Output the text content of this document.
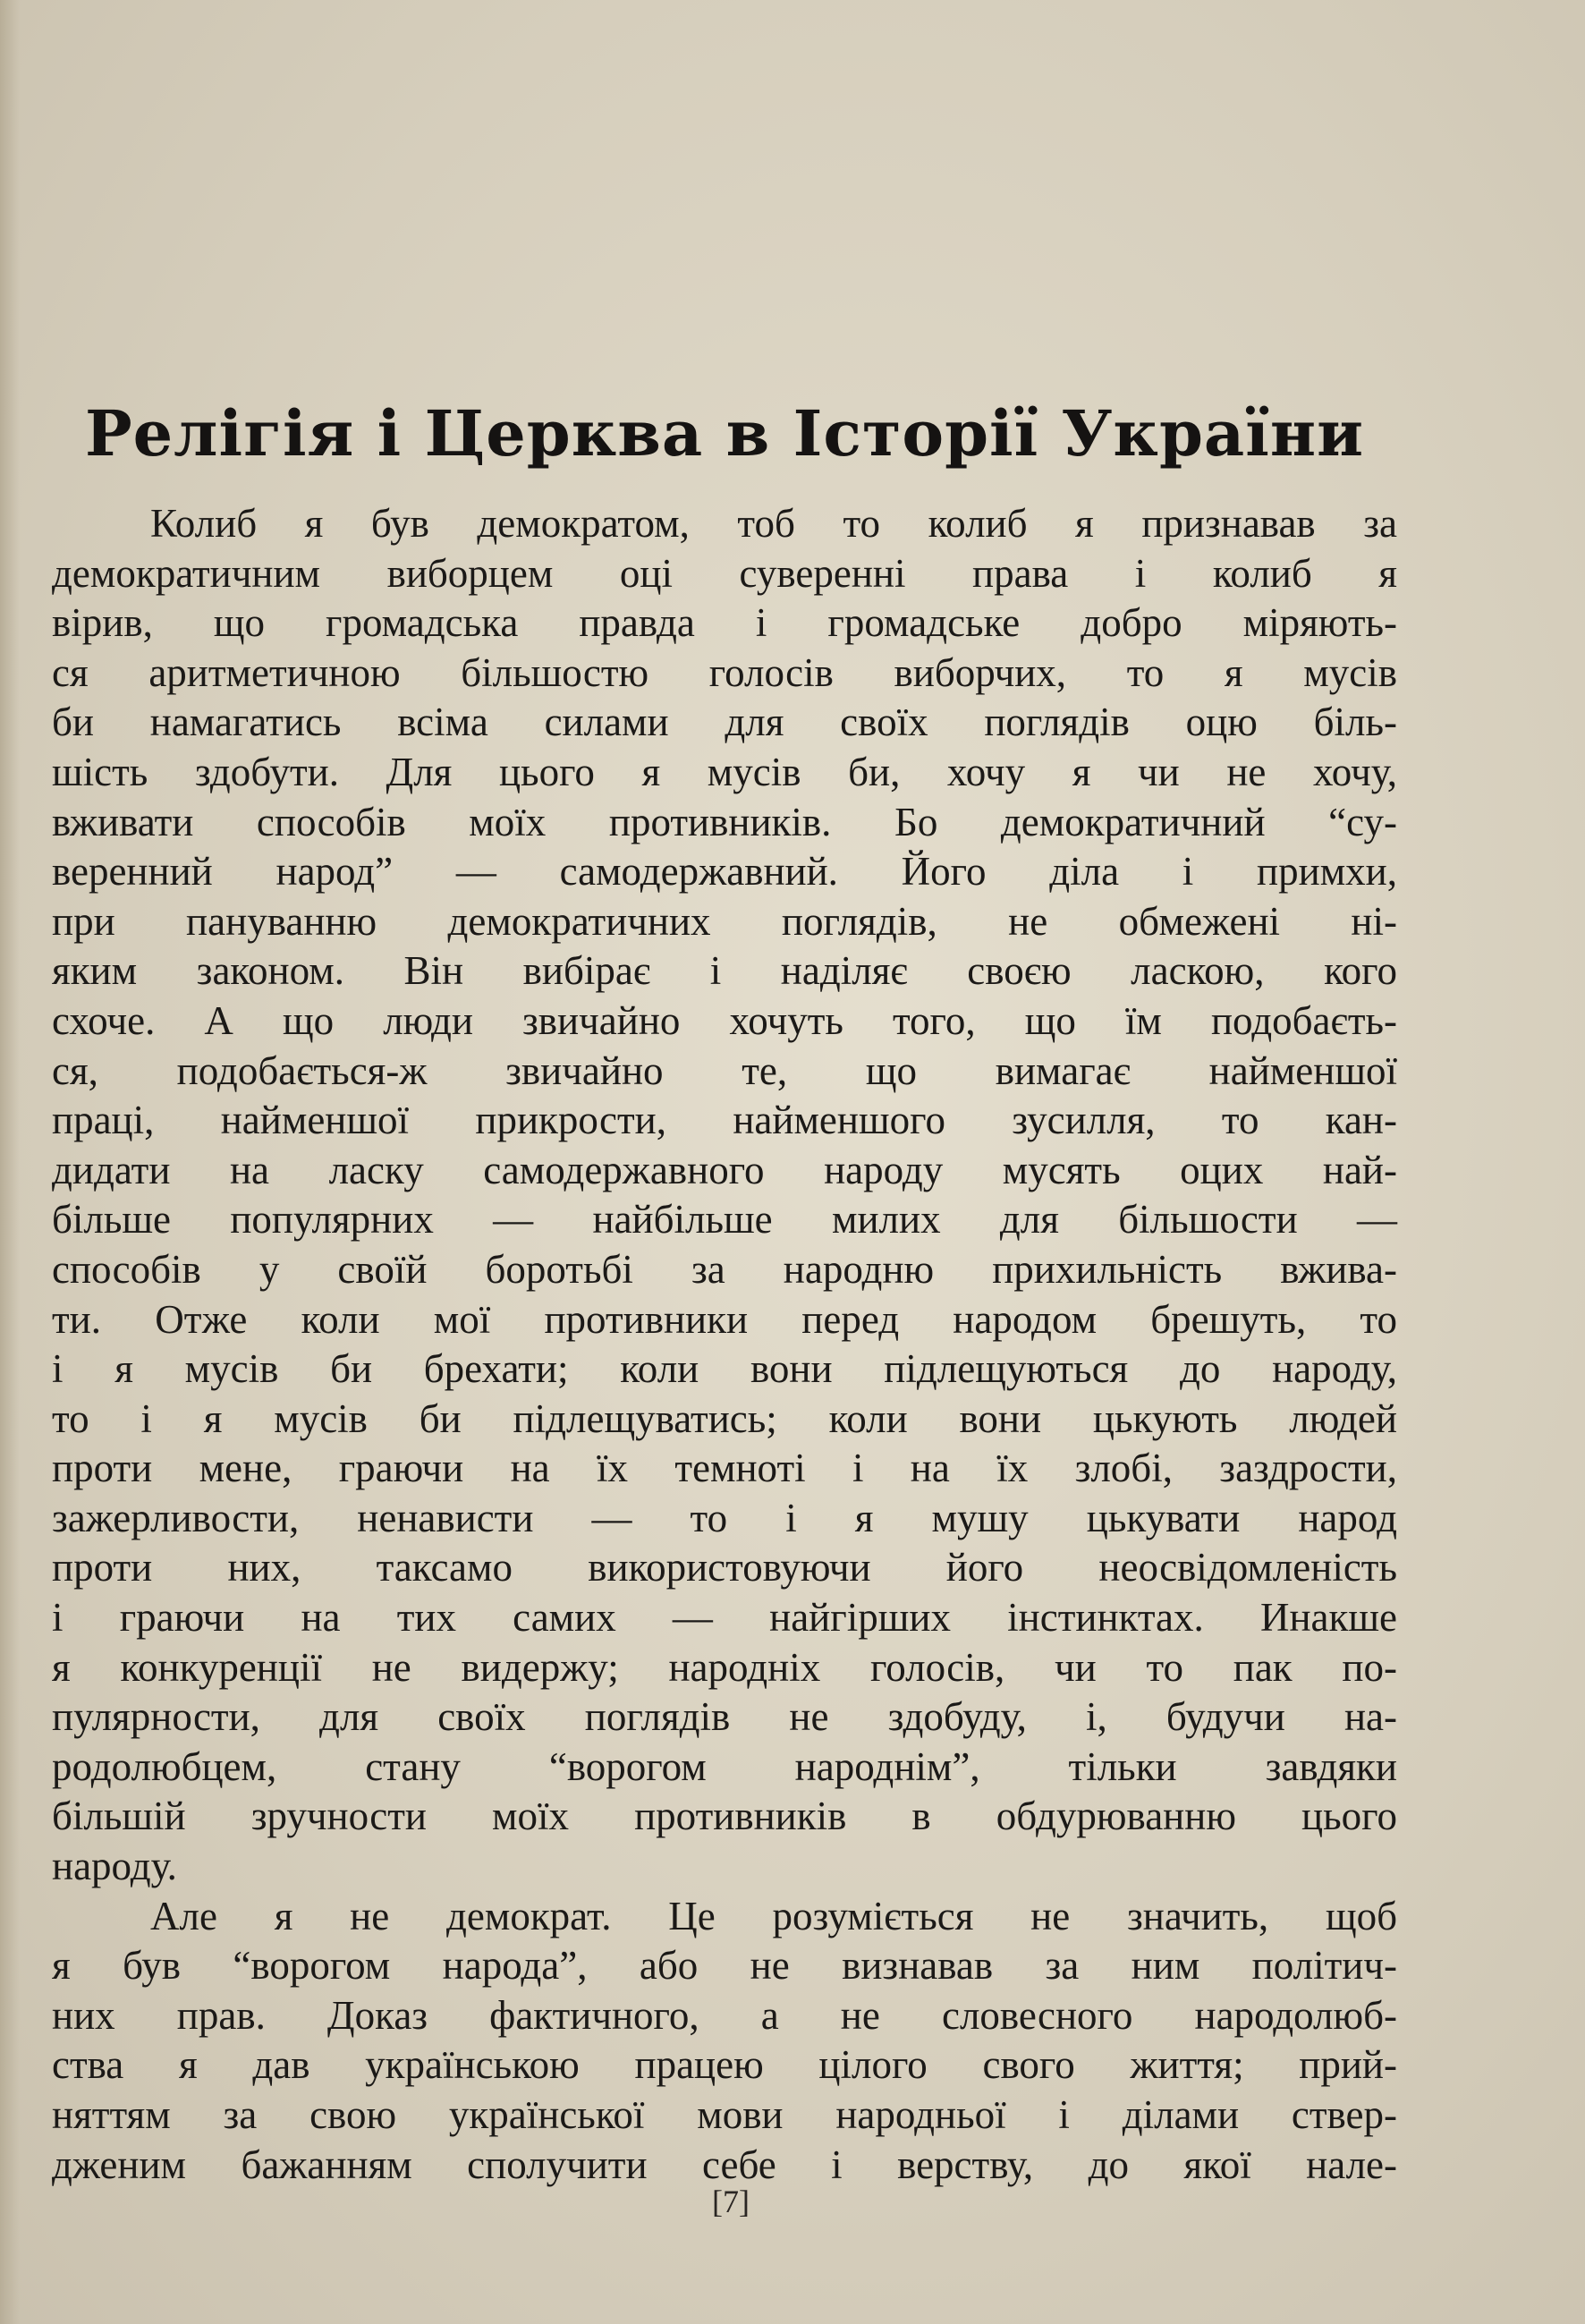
Релігія і Церква в Історії України
Колиб я був демократом, тоб то колиб я признавав за
демократичним виборцем оці суверенні права і колиб я
вірив, що громадська правда і громадське добро міряють-
ся аритметичною більшостю голосів виборчих, то я мусів
би намагатись всіма силами для своїх поглядів оцю біль-
шість здобути. Для цього я мусів би, хочу я чи не хочу,
вживати способів моїх противників. Бо демократичний “су-
веренний народ” — самодержавний. Його діла і примхи,
при пануванню демократичних поглядів, не обмежені ні-
яким законом. Він вибірає і наділяє своєю ласкою, кого
схоче. А що люди звичайно хочуть того, що їм подобаєть-
ся, подобається-ж звичайно те, що вимагає найменшої
праці, найменшої прикрости, найменшого зусилля, то кан-
дидати на ласку самодержавного народу мусять оцих най-
більше популярних — найбільше милих для більшости —
способів у своїй боротьбі за народню прихильність вжива-
ти. Отже коли мої противники перед народом брешуть, то
і я мусів би брехати; коли вони підлещуються до народу,
то і я мусів би підлещуватись; коли вони цькують людей
проти мене, граючи на їх темноті і на їх злобі, заздрости,
зажерливости, ненависти — то і я мушу цькувати народ
проти них, таксамо використовуючи його неосвідомленість
і граючи на тих самих — найгірших інстинктах. Инакше
я конкуренції не видержу; народніх голосів, чи то пак по-
пулярности, для своїх поглядів не здобуду, і, будучи на-
родолюбцем, стану “ворогом народнім”, тільки завдяки
більшій зручности моїх противників в обдурюванню цього
народу.
Але я не демократ. Це розуміється не значить, щоб
я був “ворогом народа”, або не визнавав за ним політич-
них прав. Доказ фактичного, а не словесного народолюб-
ства я дав українською працею цілого свого життя; прий-
няттям за свою української мови народньої і ділами ствер-
дженим бажанням сполучити себе і верству, до якої нале-

[7]
